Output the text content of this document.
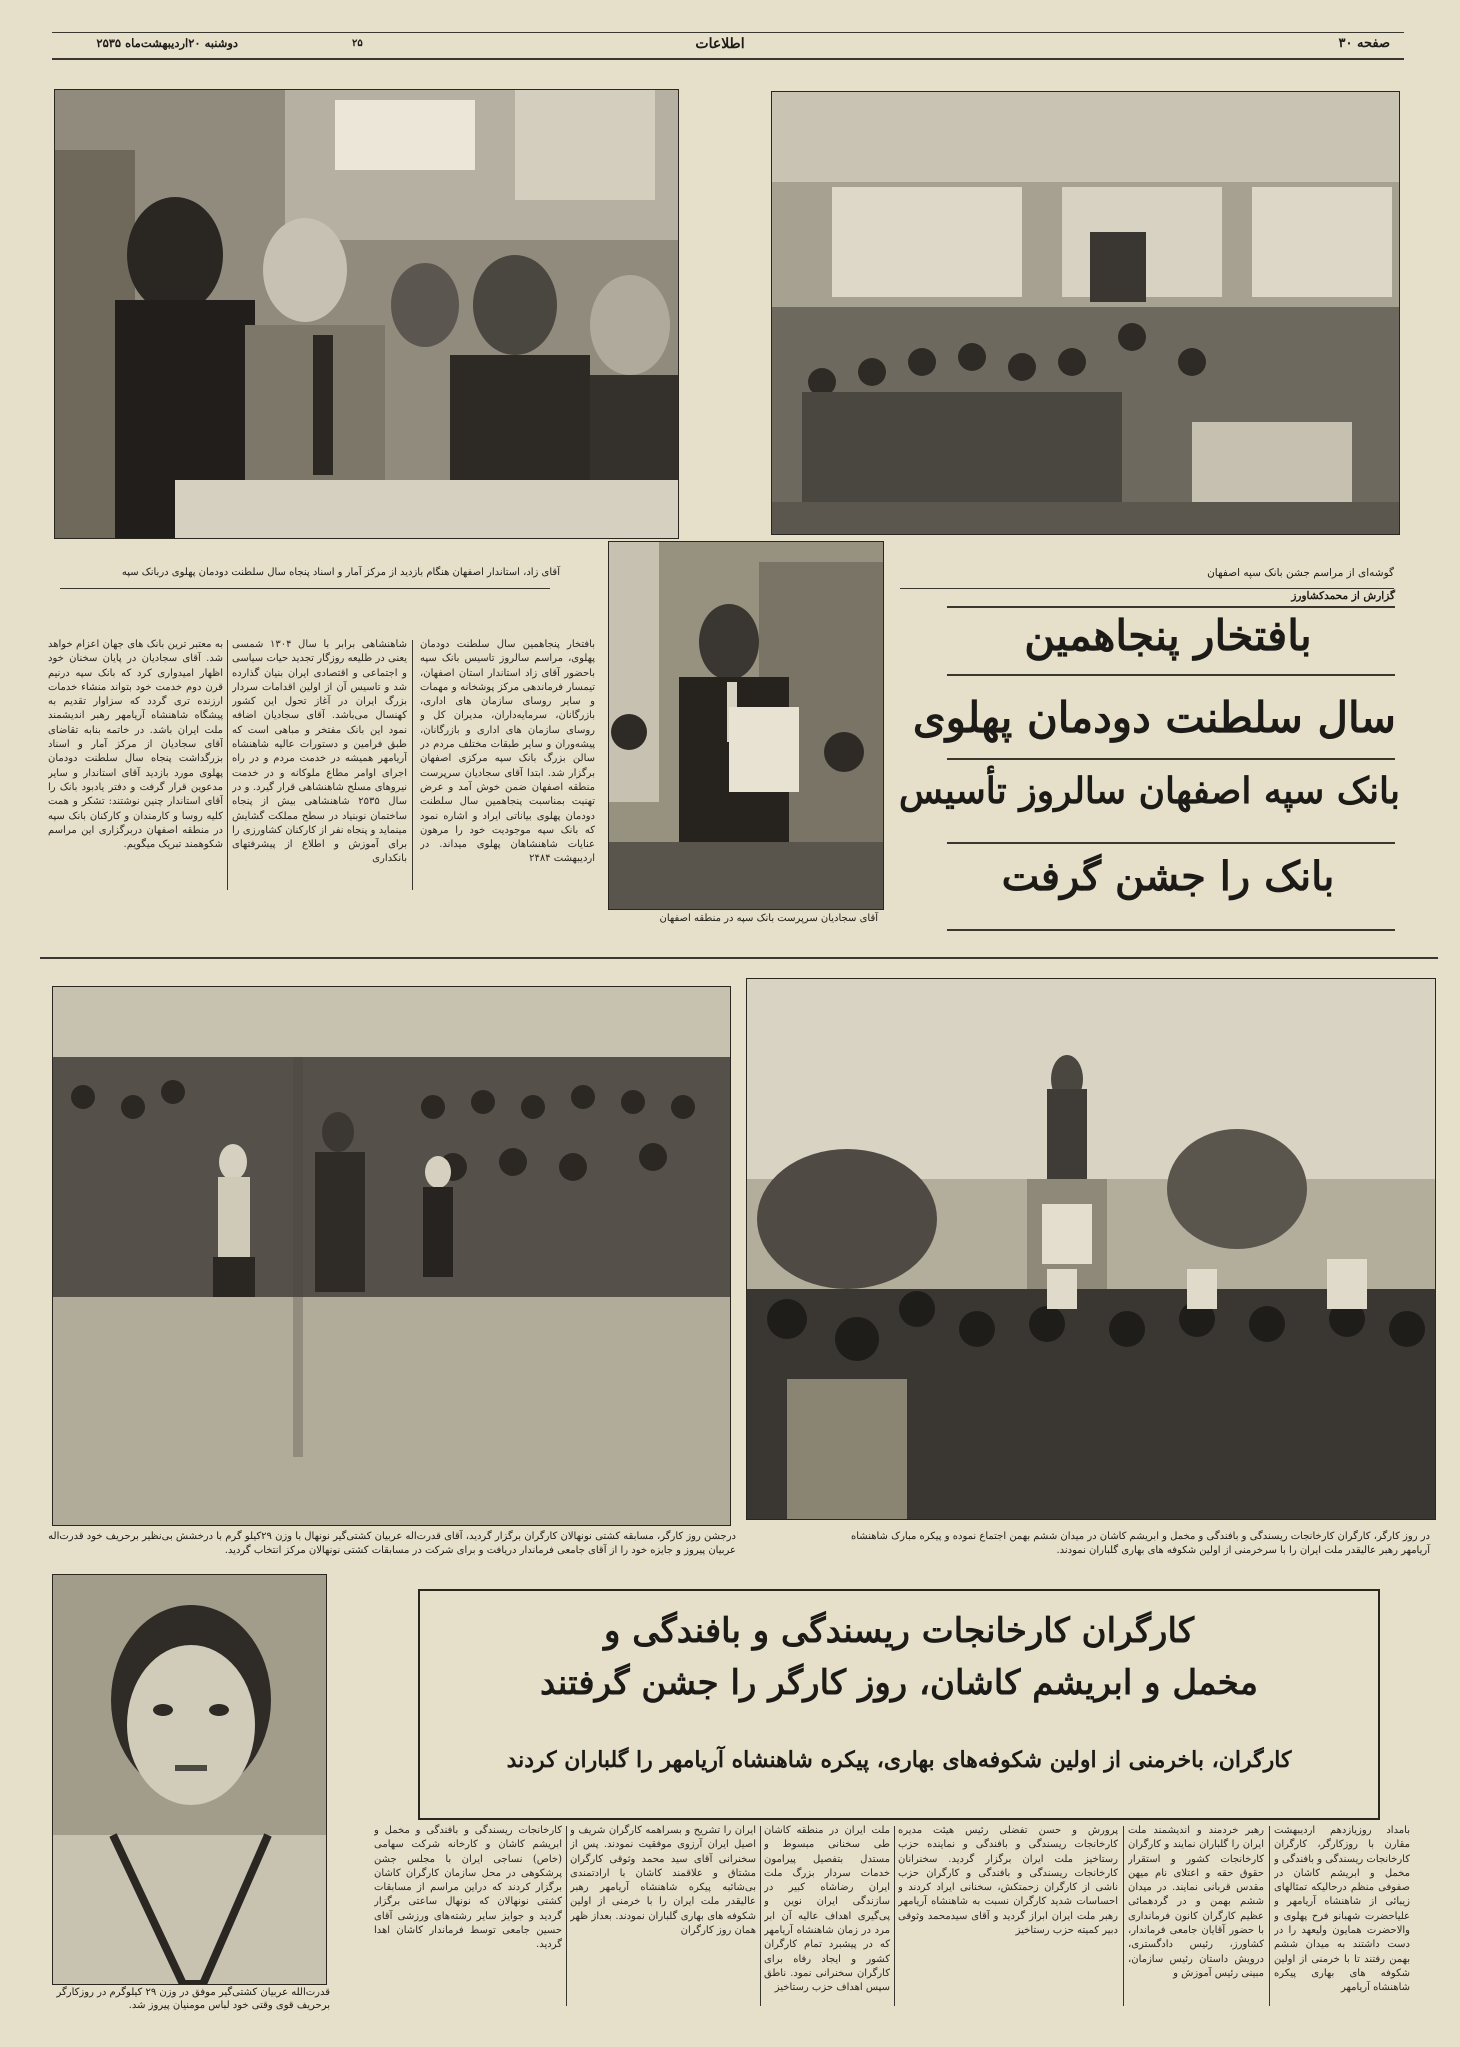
صفحه ۳۰
اطلاعات
۲۵
دوشنبه ۲۰اردیبهشت‌ماه ۲۵۳۵
آقای زاد، استاندار اصفهان هنگام بازدید از مرکز آمار و اسناد پنجاه سال سلطنت دودمان پهلوی دربانک سپه	گوشه‌ای از مراسم جشن بانک سپه اصفهان
آقای سجادیان سرپرست بانک سپه در منطقه اصفهان
گزارش از محمدکشاورز
بافتخار پنجاهمین
سال سلطنت دودمان پهلوی
بانک سپه اصفهان سالروز تأسیس
بانک را جشن گرفت
بافتخار پنجاهمین سال سلطنت دودمان پهلوی، مراسم سالروز تاسیس بانک سپه باحضور آقای زاد استاندار استان اصفهان، تیمسار فرماندهی مرکز پوشخانه و مهمات و سایر روسای سازمان های اداری، بازرگانان، سرمایه‌داران، مدیران کل و روسای سازمان های اداری و بازرگانان، پیشه‌وران و سایر طبقات مختلف مردم در سالن بزرگ بانک سپه مرکزی اصفهان برگزار شد. ابتدا آقای سجادیان سرپرست منطقه اصفهان ضمن خوش آمد و عرض تهنیت بمناسبت پنجاهمین سال سلطنت دودمان پهلوی بیاناتی ایراد و اشاره نمود که بانک سپه موجودیت خود را مرهون عنایات شاهنشاهان پهلوی میداند. در اردیبهشت ۲۴۸۴
شاهنشاهی برابر با سال ۱۳۰۴ شمسی یعنی در طلیعه روزگار تجدید حیات سیاسی و اجتماعی و اقتصادی ایران بنیان گذارده شد و تاسیس آن از اولین اقدامات سردار بزرگ ایران در آغاز تحول این کشور کهنسال می‌باشد. آقای سجادیان اضافه نمود این بانک مفتخر و مباهی است که طبق فرامین و دستورات عالیه شاهنشاه آریامهر همیشه در خدمت مردم و در راه اجرای اوامر مطاع ملوکانه و در خدمت نیروهای مسلح شاهنشاهی قرار گیرد. و در سال ۲۵۳۵ شاهنشاهی بیش از پنجاه ساختمان نوبنیاد در سطح مملکت گشایش مینماید و پنجاه نفر از کارکنان کشاورزی را برای آموزش و اطلاع از پیشرفتهای بانکداری
به معتبر ترین بانک های جهان اعزام خواهد شد. آقای سجادیان در پایان سخنان خود اظهار امیدواری کرد که بانک سپه درنیم قرن دوم خدمت خود بتواند منشاء خدمات ارزنده تری گردد که سزاوار تقدیم به پیشگاه شاهنشاه آریامهر رهبر اندیشمند ملت ایران باشد. در خاتمه بنابه تقاضای آقای سجادیان از مرکز آمار و اسناد بزرگداشت پنجاه سال سلطنت دودمان پهلوی مورد بازدید آقای استاندار و سایر مدعوین قرار گرفت و دفتر یادبود بانک را آقای استاندار چنین نوشتند: تشکر و همت کلیه روسا و کارمندان و کارکنان بانک سپه در منطقه اصفهان دربرگزاری این مراسم شکوهمند تبریک میگویم.
درجشن روز کارگر، مسابقه کشتی نونهالان کارگران برگزار گردید، آقای قدرت‌اله عربیان کشتی‌گیر نونهال با وزن ۲۹کیلو گرم با درخشش بی‌نظیر برحریف خود قدرت‌اله عربیان پیروز و جایزه خود را از آقای جامعی فرماندار دریافت و برای شرکت در مسابقات کشتی نونهالان مرکز انتخاب گردید.
در روز کارگر، کارگران کارخانجات ریسندگی و بافندگی و مخمل و ابریشم کاشان در میدان ششم بهمن اجتماع نموده و پیکره مبارک شاهنشاه آریامهر رهبر عالیقدر ملت ایران را با سرخرمنی از اولین شکوفه های بهاری گلباران نمودند.
قدرت‌الله عربیان کشتی‌گیر موفق در وزن ۲۹ کیلوگرم در روزکارگر برحریف قوی وقتی خود لباس مومنیان پیروز شد.
کارگران کارخانجات ریسندگی و بافندگی و
مخمل و ابریشم کاشان، روز کارگر را جشن گرفتند
کارگران، باخرمنی از اولین شکوفه‌های بهاری، پیکره شاهنشاه آریامهر را گلباران کردند
بامداد روزیازدهم اردیبهشت مقارن با روزکارگر، کارگران کارخانجات ریسندگی و بافندگی و مخمل و ابریشم کاشان در صفوفی منظم درحالیکه تمثالهای زیبائی از شاهنشاه آریامهر و علیاحضرت شهبانو فرح پهلوی و والاحضرت همایون ولیعهد را در دست داشتند به میدان ششم بهمن رفتند تا با خرمنی از اولین شکوفه های بهاری پیکره شاهنشاه آریامهر
رهبر خردمند و اندیشمند ملت ایران را گلباران نمایند و کارگران کارخانجات کشور و استقرار حقوق حقه و اعتلای نام میهن مقدس قربانی نمایند. در میدان ششم بهمن و در گردهمائی عظیم کارگران کانون فرمانداری با حضور آقایان جامعی فرماندار، کشاورز، رئیس دادگستری، درویش داستان رئیس سازمان، مبینی رئیس آموزش و
پرورش و حسن تفضلی رئیس هیئت مدیره کارخانجات ریسندگی و بافندگی و نماینده حزب رستاخیز ملت ایران برگزار گردید. سخنرانان کارخانجات ریسندگی و بافندگی و کارگران حزب ناشی از کارگران زحمتکش، سخنانی ایراد کردند و احساسات شدید کارگران نسبت به شاهنشاه آریامهر رهبر ملت ایران ابراز گردید و آقای سیدمحمد وثوقی دبیر کمیته حزب رستاخیز
ملت ایران در منطقه کاشان طی سخنانی مبسوط و مستدل بتفصیل پیرامون خدمات سردار بزرگ ملت ایران رضاشاه کبیر در سازندگی ایران نوین و پی‌گیری اهداف عالیه آن ابر مرد در زمان شاهنشاه آریامهر که در پیشبرد تمام کارگران کشور و ایجاد رفاه برای کارگران سخنرانی نمود. ناطق سپس اهداف حزب رستاخیز
ایران را تشریح و بسراهمه کارگران شریف و اصیل ایران آرزوی موفقیت نمودند. پس از سخنرانی آقای سید محمد وثوقی کارگران مشتاق و علاقمند کاشان با ارادتمندی بی‌شائبه پیکره شاهنشاه آریامهر رهبر عالیقدر ملت ایران را با خرمنی از اولین شکوفه های بهاری گلباران نمودند. بعداز ظهر همان روز کارگران
کارخانجات ریسندگی و بافندگی و مخمل و ابریشم کاشان و کارخانه شرکت سهامی (خاص) نساجی ایران با مجلس جشن پرشکوهی در محل سازمان کارگران کاشان برگزار کردند که دراین مراسم از مسابقات کشتی نونهالان که نونهال ساعتی برگزار گردید و جوایز سایر رشته‌های ورزشی آقای حسین جامعی توسط فرماندار کاشان اهدا گردید.
